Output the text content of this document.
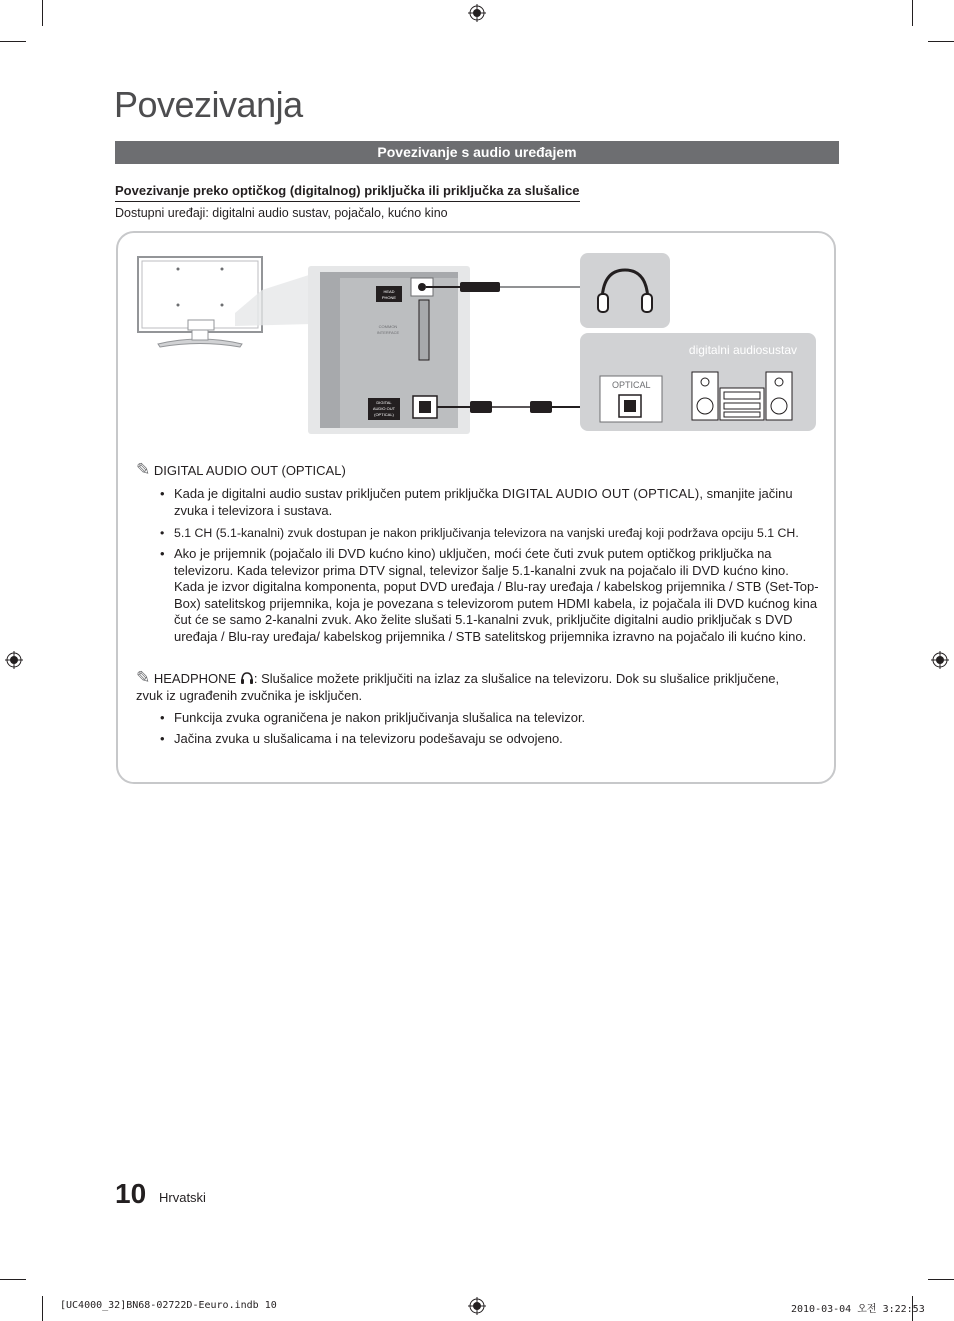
Povezivanja
Povezivanje s audio uređajem
Povezivanje preko optičkog (digitalnog) priključka ili priključka za slušalice
Dostupni uređaji: digitalni audio sustav, pojačalo, kućno kino
HEAD
PHONE
COMMON
INTERFACE
DIGITAL
AUDIO OUT
(OPTICAL)
digitalni audiosustav
OPTICAL
✎ DIGITAL AUDIO OUT (OPTICAL)
• Kada je digitalni audio sustav priključen putem priključka DIGITAL AUDIO OUT (OPTICAL), smanjite jačinu zvuka i televizora i sustava.
• 5.1 CH (5.1-kanalni) zvuk dostupan je nakon priključivanja televizora na vanjski uređaj koji podržava opciju 5.1 CH.
• Ako je prijemnik (pojačalo ili DVD kućno kino) uključen, moći ćete čuti zvuk putem optičkog priključka na televizoru. Kada televizor prima DTV signal, televizor šalje 5.1-kanalni zvuk na pojačalo ili DVD kućno kino. Kada je izvor digitalna komponenta, poput DVD uređaja / Blu-ray uređaja / kabelskog prijemnika / STB (Set-Top-Box) satelitskog prijemnika, koja je povezana s televizorom putem HDMI kabela, iz pojačala ili DVD kućnog kina čut će se samo 2-kanalni zvuk. Ako želite slušati 5.1-kanalni zvuk, priključite digitalni audio priključak s DVD uređaja / Blu-ray uređaja/ kabelskog prijemnika / STB satelitskog prijemnika izravno na pojačalo ili kućno kino.
✎ HEADPHONE : Slušalice možete priključiti na izlaz za slušalice na televizoru. Dok su slušalice priključene, zvuk iz ugrađenih zvučnika je isključen.
• Funkcija zvuka ograničena je nakon priključivanja slušalica na televizor.
• Jačina zvuka u slušalicama i na televizoru podešavaju se odvojeno.
10 Hrvatski
[UC4000_32]BN68-02722D-Eeuro.indb 10	2010-03-04 오전 3:22:53
